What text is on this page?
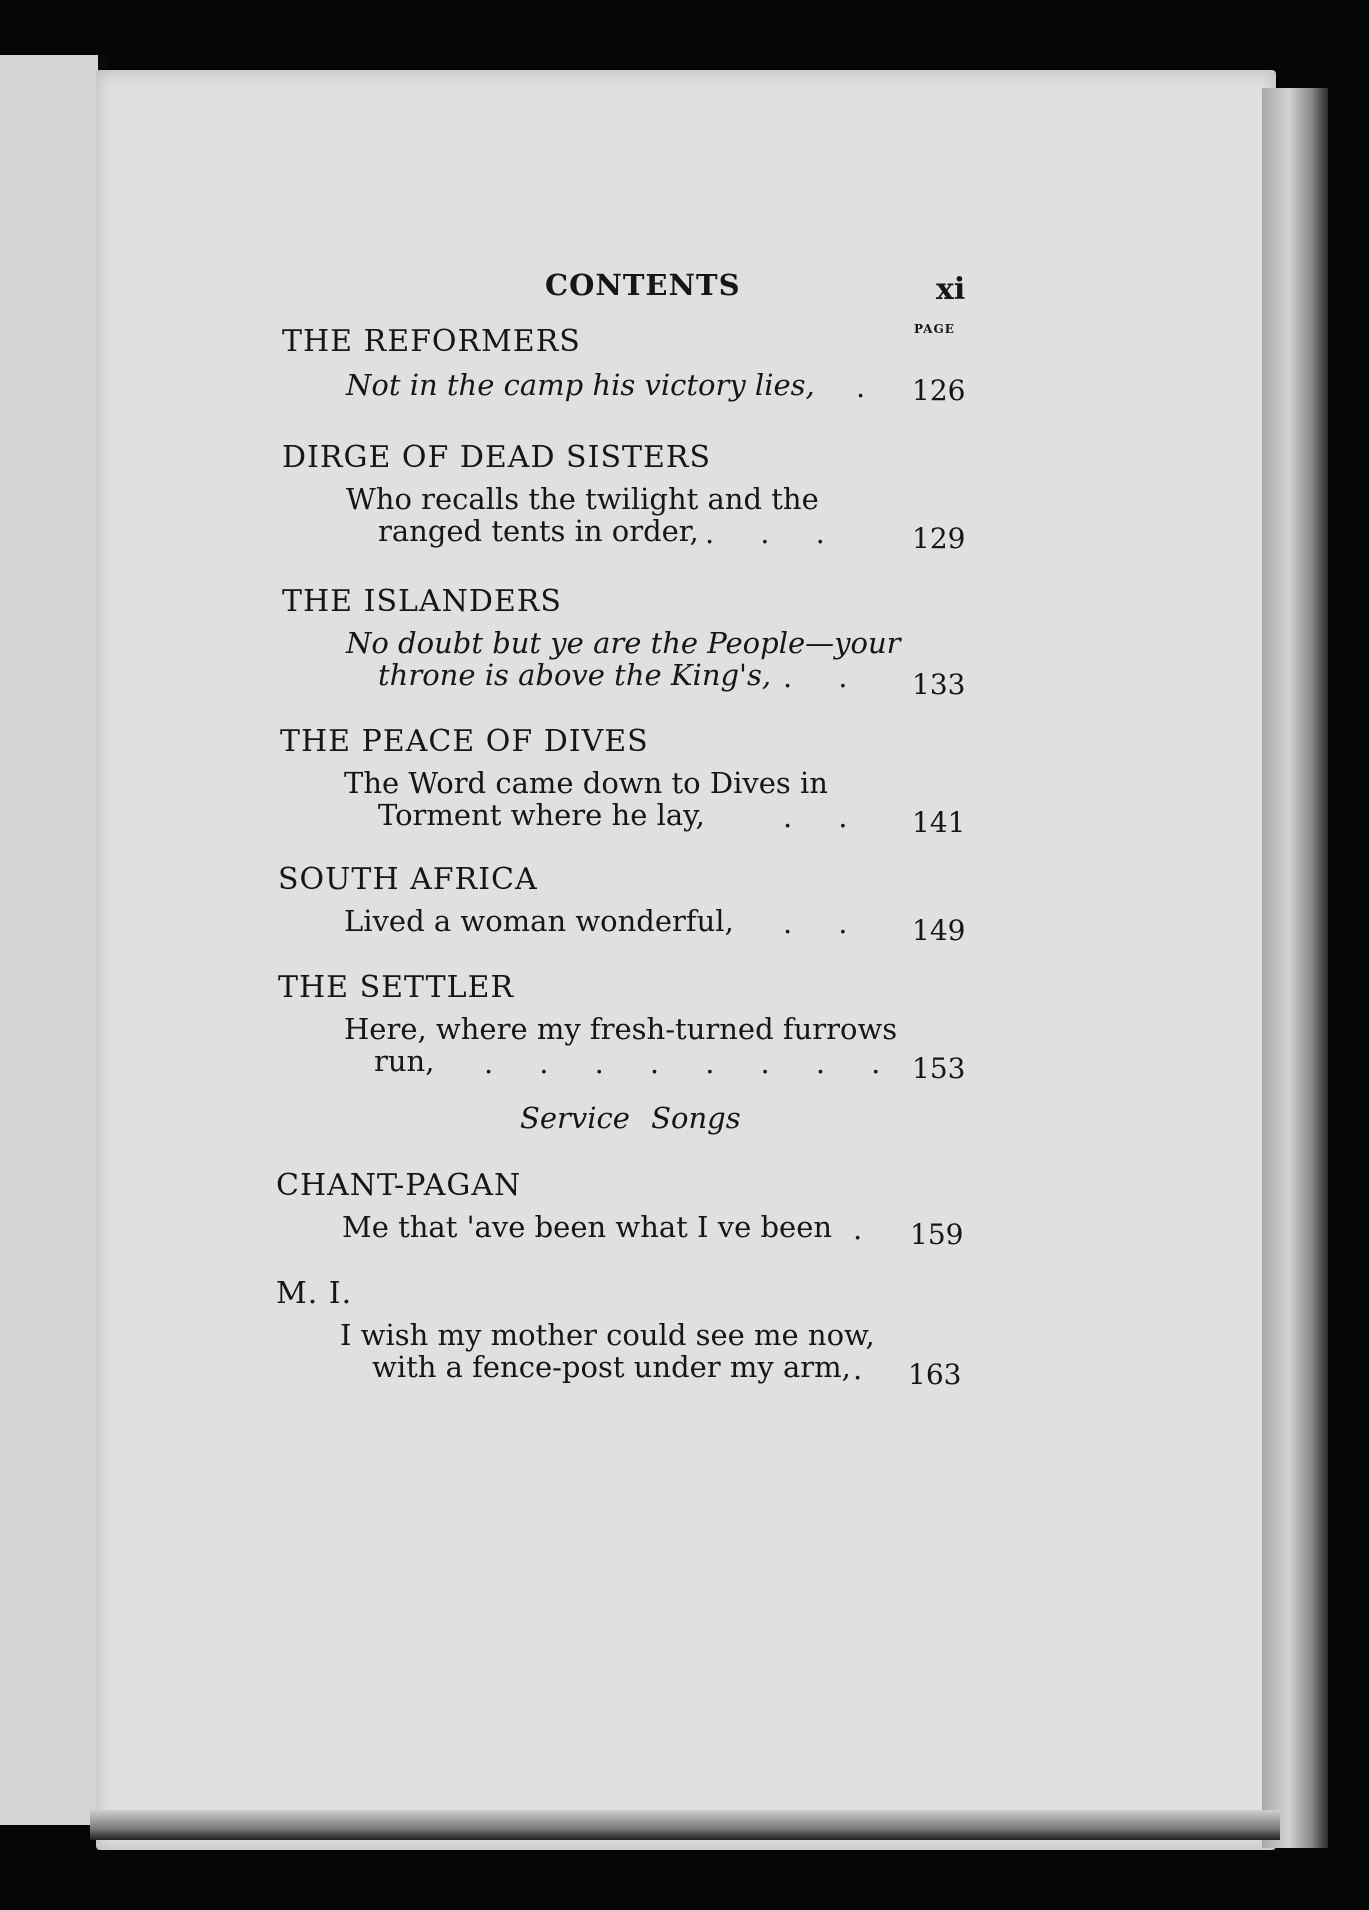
CONTENTS	xi
PAGE
THE REFORMERS
Not in the camp his victory lies, . 126
DIRGE OF DEAD SISTERS
Who recalls the twilight and the
ranged tents in order, .     .     .	129
THE ISLANDERS
No doubt but ye are the People—your
throne is above the King's, .     . 133
THE PEACE OF DIVES
The Word came down to Dives in
Torment where he lay,	.     . 141
SOUTH AFRICA
Lived a woman wonderful, .     . 149
THE SETTLER
Here, where my fresh-turned furrows
run, .     .     .     .     .     .     .     . 153
Service Songs
CHANT-PAGAN
Me that 'ave been what I ve been . 159
M. I.
I wish my mother could see me now,
with a fence-post under my arm, . 163
